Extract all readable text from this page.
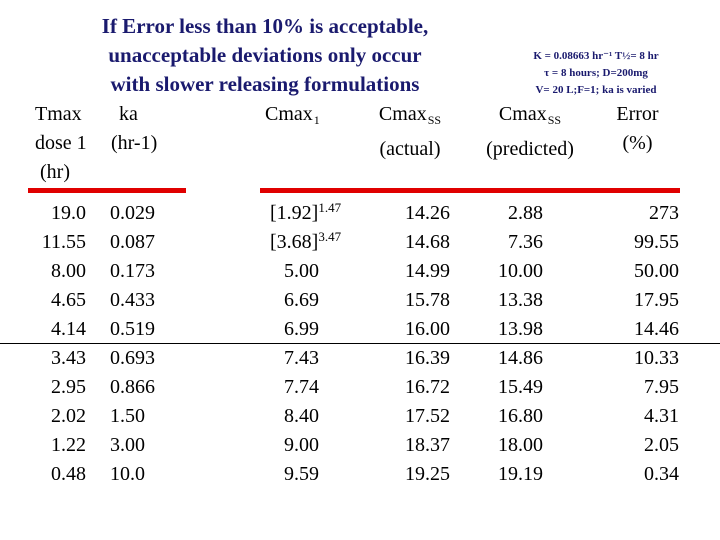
If Error less than 10% is acceptable,
unacceptable deviations only occur
with slower releasing formulations
K = 0.08663 hr⁻¹ T½= 8 hr
τ = 8 hours; D=200mg
V= 20 L;F=1; ka is varied
Tmax
dose 1
(hr)
ka
(hr-1)
Cmax$_1$	Cmax$_{SS}$
(actual)
Cmax$_{SS}$
(predicted)
Error
(%)
19.0
11.55
8.00
4.65
4.14
3.43
2.95
2.02
1.22
0.48
0.029
0.087
0.173
0.433
0.519
0.693
0.866
1.50
3.00
10.0
$[1.92]^{1.47}$
$[3.68]^{3.47}$
5.00
6.69
6.99
7.43
7.74
8.40
9.00
9.59
14.26
14.68
14.99
15.78
16.00
16.39
16.72
17.52
18.37
19.25
2.88
7.36
10.00
13.38
13.98
14.86
15.49
16.80
18.00
19.19
273
99.55
50.00
17.95
14.46
10.33
7.95
4.31
2.05
0.34
